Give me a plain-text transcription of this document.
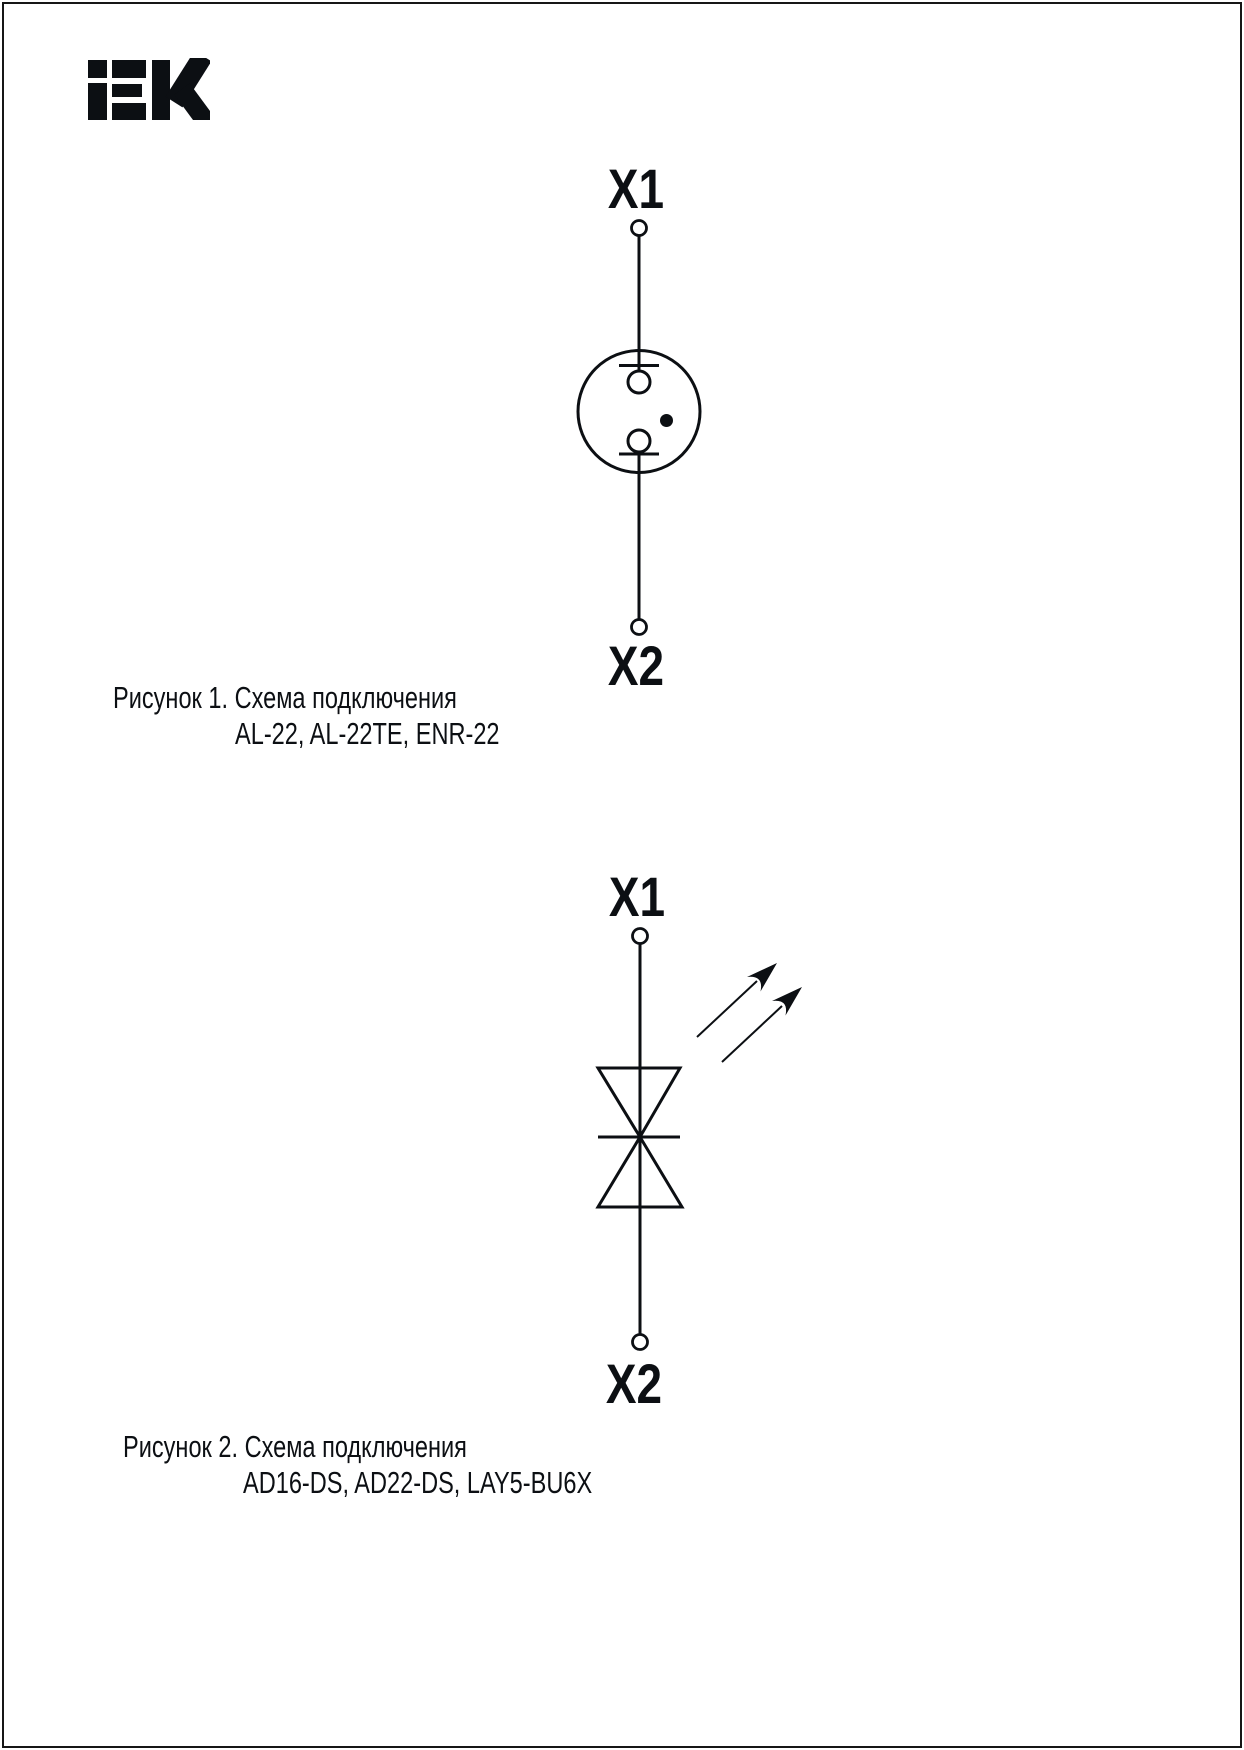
X1
X2
Рисунок 1. Схема подключения
AL-22, AL-22TE, ENR-22
X1
X2
Рисунок 2. Схема подключения
AD16-DS, AD22-DS, LAY5-BU6X
